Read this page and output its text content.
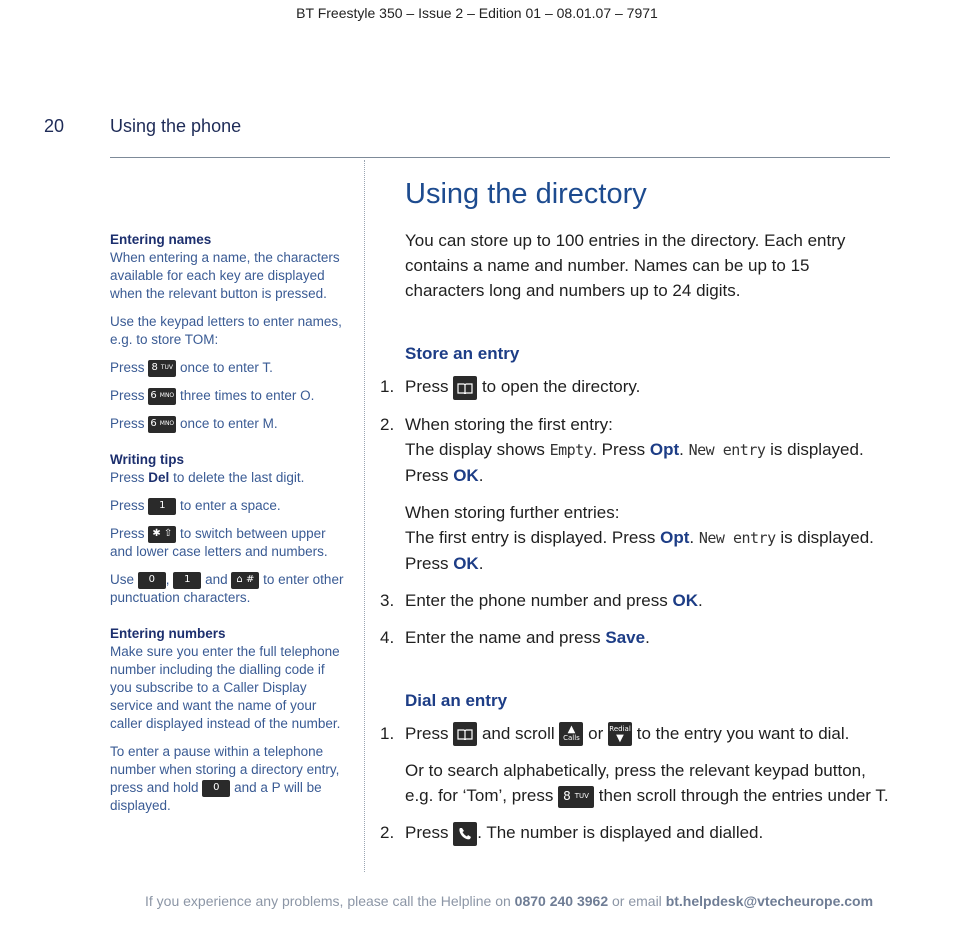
BT Freestyle 350 – Issue 2 – Edition 01 – 08.01.07 – 7971
20	Using the phone

Entering names
When entering a name, the characters available for each key are displayed when the relevant button is pressed.

Use the keypad letters to enter names, e.g. to store TOM:

Press 8 TUV once to enter T.

Press 6 MNO three times to enter O.

Press 6 MNO once to enter M.

Writing tips
Press Del to delete the last digit.

Press 1 to enter a space.

Press ✱ ⇧ to switch between upper and lower case letters and numbers.

Use 0 , 1 and ⌂ # to enter other punctuation characters.

Entering numbers
Make sure you enter the full telephone number including the dialling code if you subscribe to a Caller Display service and want the name of your caller displayed instead of the number.

To enter a pause within a telephone number when storing a directory entry, press and hold 0 and a P will be displayed.

Using the directory

You can store up to 100 entries in the directory. Each entry contains a name and number. Names can be up to 15 characters long and numbers up to 24 digits.

Store an entry
1. Press to open the directory.
2. When storing the first entry:
The display shows Empty. Press Opt. New entry is displayed. Press OK.

When storing further entries:
The first entry is displayed. Press Opt. New entry is displayed. Press OK.

3. Enter the phone number and press OK.
4. Enter the name and press Save.
Dial an entry
1. Press and scroll ▲
Calls or Redial
▼ to the entry you want to dial.

Or to search alphabetically, press the relevant keypad button, e.g. for ‘Tom’, press 8 TUV then scroll through the entries under T.

2. Press . The number is displayed and dialled.
If you experience any problems, please call the Helpline on 0870 240 3962 or email bt.helpdesk@vtecheurope.com
